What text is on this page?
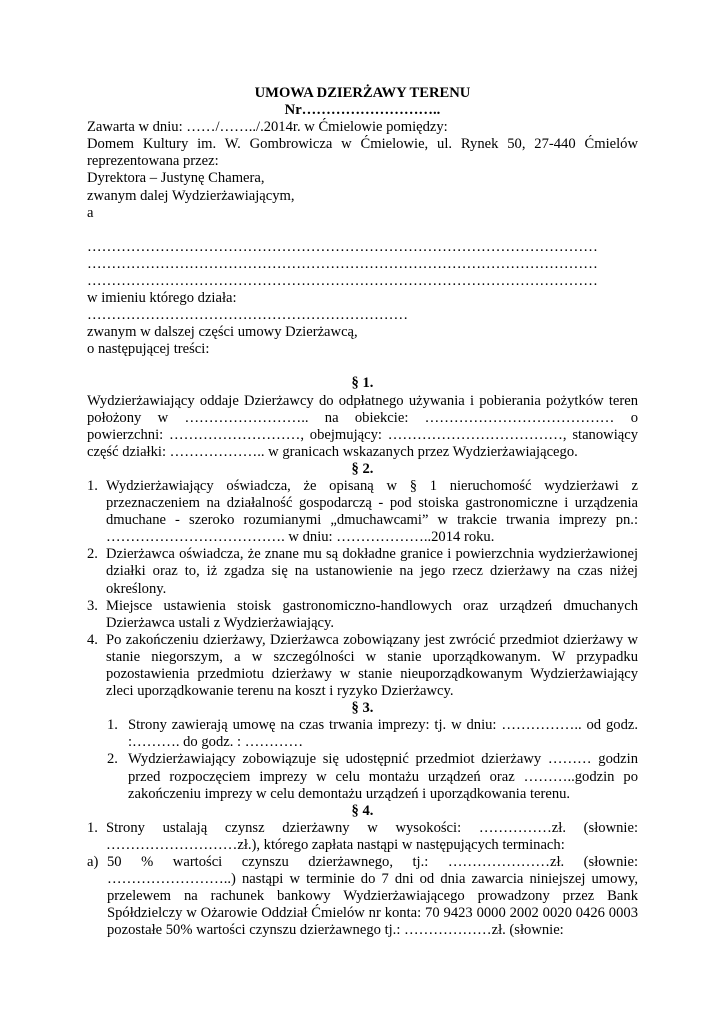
UMOWA DZIERŻAWY TERENU
Nr………………………..
Zawarta w dniu: ……/……../.2014r. w Ćmielowie pomiędzy:
Domem Kultury im. W. Gombrowicza w Ćmielowie, ul. Rynek 50, 27-440 Ćmielów reprezentowana przez:
Dyrektora – Justynę Chamera,
zwanym dalej Wydzierżawiającym,
a
……………………………………………………………………………………………
……………………………………………………………………………………………
……………………………………………………………………………………………
w imieniu którego działa:
…………………………………………………………
zwanym w dalszej części umowy Dzierżawcą,
o następującej treści:
§ 1.
Wydzierżawiający oddaje Dzierżawcy do odpłatnego używania i pobierania pożytków teren położony w …………………….. na obiekcie: ………………………………… o powierzchni: ………………………, obejmujący: ………………………………, stanowiący część działki: ……………….. w granicach wskazanych przez Wydzierżawiającego.
§ 2.
1. Wydzierżawiający oświadcza, że opisaną w § 1 nieruchomość wydzierżawi z przeznaczeniem na działalność gospodarczą - pod stoiska gastronomiczne i urządzenia dmuchane - szeroko rozumianymi „dmuchawcami” w trakcie trwania imprezy pn.: ………………………………. w dniu: ………………..2014 roku.
2. Dzierżawca oświadcza, że znane mu są dokładne granice i powierzchnia wydzierżawionej działki oraz to, iż zgadza się na ustanowienie na jego rzecz dzierżawy na czas niżej określony.
3. Miejsce ustawienia stoisk gastronomiczno-handlowych oraz urządzeń dmuchanych Dzierżawca ustali z Wydzierżawiający.
4. Po zakończeniu dzierżawy, Dzierżawca zobowiązany jest zwrócić przedmiot dzierżawy w stanie niegorszym, a w szczególności w stanie uporządkowanym. W przypadku pozostawienia przedmiotu dzierżawy w stanie nieuporządkowanym Wydzierżawiający zleci uporządkowanie terenu na koszt i ryzyko Dzierżawcy.
§ 3.
1. Strony zawierają umowę na czas trwania imprezy: tj. w dniu: …………….. od godz. :………. do godz. : …………
2. Wydzierżawiający zobowiązuje się udostępnić przedmiot dzierżawy ……… godzin przed rozpoczęciem imprezy w celu montażu urządzeń oraz ………..godzin po zakończeniu imprezy w celu demontażu urządzeń i uporządkowania terenu.
§ 4.
1. Strony ustalają czynsz dzierżawny w wysokości: ……………zł. (słownie: ………………………zł.), którego zapłata nastąpi w następujących terminach:
a) 50 % wartości czynszu dzierżawnego, tj.: …………………zł. (słownie: ……………………..) nastąpi w terminie do 7 dni od dnia zawarcia niniejszej umowy, przelewem na rachunek bankowy Wydzierżawiającego prowadzony przez Bank Spółdzielczy w Ożarowie Oddział Ćmielów nr konta: 70 9423 0000 2002 0020 0426 0003 pozostałe 50% wartości czynszu dzierżawnego tj.: ………………zł. (słownie:
